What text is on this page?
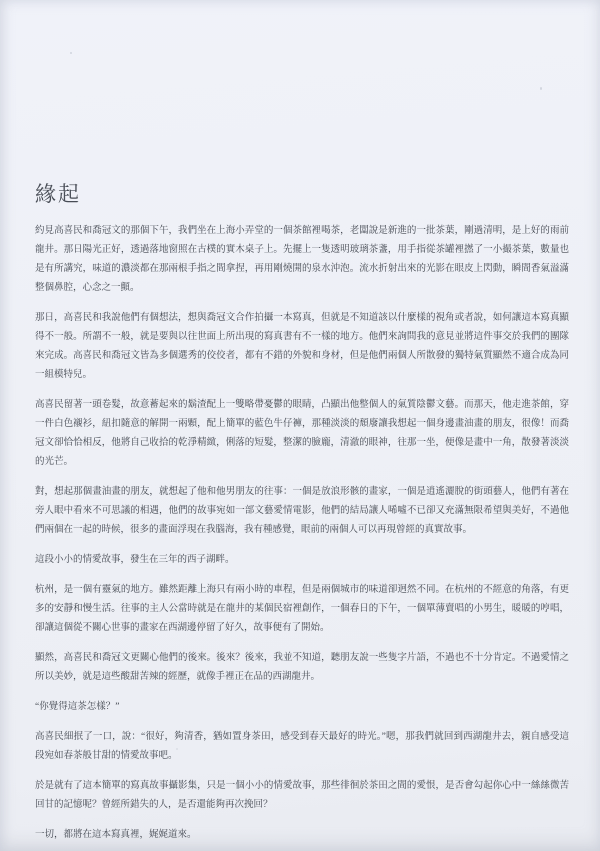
緣起

約見高喜民和喬冠文的那個下午，我們坐在上海小弄堂的一個茶館裡喝茶，老闆說是新進的一批茶葉，剛過清明，是上好的雨前龍井。那日陽光正好，透過落地窗照在古樸的實木桌子上。先擺上一隻透明玻璃茶盞，用手指從茶罐裡撚了一小撮茶葉，數量也是有所講究，味道的濃淡都在那兩根手指之間拿捏，再用剛燒開的泉水沖泡。流水折射出來的光影在眼皮上閃動，瞬間香氣溢滿整個鼻腔，心念之一顫。

那日，高喜民和我說他們有個想法，想與喬冠文合作拍攝一本寫真，但就是不知道該以什麼樣的視角或者說，如何讓這本寫真顯得不一般。所謂不一般，就是要與以往世面上所出現的寫真書有不一樣的地方。他們來詢問我的意見並將這件事交於我們的團隊來完成。高喜民和喬冠文皆為多個選秀的佼佼者，都有不錯的外貌和身材，但是他們兩個人所散發的獨特氣質顯然不適合成為同一組模特兒。

高喜民留著一頭卷髮，故意蓄起來的鬍渣配上一雙略帶憂鬱的眼睛，凸顯出他整個人的氣質陰鬱文藝。而那天，他走進茶館，穿一件白色襯衫，紐扣隨意的解開一兩顆，配上簡單的藍色牛仔褲，那種淡淡的頹廢讓我想起一個身邊畫油畫的朋友，很像！而喬冠文卻恰恰相反，他將自己收拾的乾淨精緻，俐落的短髮，整潔的臉龐，清澈的眼神，往那一坐，便像是畫中一角，散發著淡淡的光芒。

對，想起那個畫油畫的朋友，就想起了他和他男朋友的往事：一個是放浪形骸的畫家，一個是逍遙灑脫的街頭藝人，他們有著在旁人眼中看來不可思議的相遇，他們的故事宛如一部文藝愛情電影，他們的結局讓人唏噓不已卻又充滿無限希望與美好，不過他們兩個在一起的時候，很多的畫面浮現在我腦海，我有種感覺，眼前的兩個人可以再現曾經的真實故事。

這段小小的情愛故事，發生在三年的西子湖畔。

杭州，是一個有靈氣的地方。雖然距離上海只有兩小時的車程，但是兩個城市的味道卻迥然不同。在杭州的不經意的角落，有更多的安靜和慢生活。往事的主人公當時就是在龍井的某個民宿裡創作，一個春日的下午，一個單薄賣唱的小男生，暖暖的哼唱，卻讓這個從不關心世事的畫家在西湖邊停留了好久，故事便有了開始。

顯然，高喜民和喬冠文更關心他們的後來。後來？後來，我並不知道，聽朋友說一些隻字片語，不過也不十分肯定。不過愛情之所以美妙，就是這些酸甜苦辣的經歷，就像手裡正在品的西湖龍井。

“你覺得這茶怎樣？”

高喜民細抿了一口，說：“很好，夠清香，猶如置身茶田，感受到春天最好的時光。”嗯，那我們就回到西湖龍井去，親自感受這段宛如春茶般甘甜的情愛故事吧。

於是就有了這本簡單的寫真故事攝影集，只是一個小小的情愛故事，那些徘徊於茶田之間的愛恨，是否會勾起你心中一絲絲微苦回甘的記憶呢？曾經所錯失的人，是否還能夠再次挽回？

一切，都將在這本寫真裡，娓娓道來。
